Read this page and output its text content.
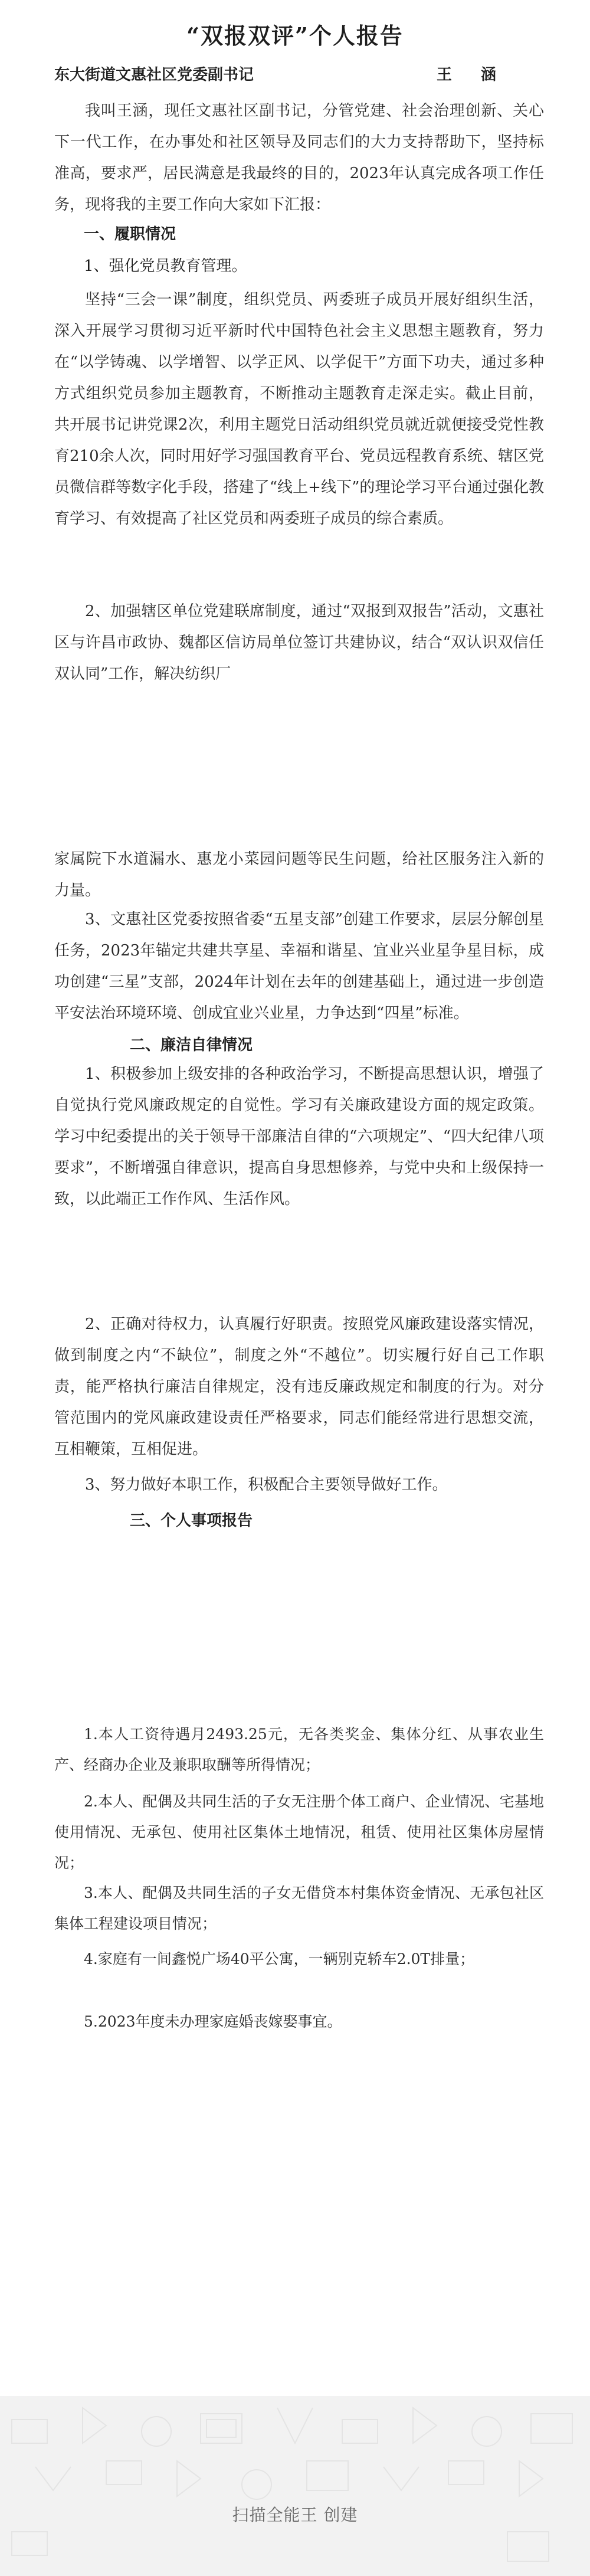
“双报双评”个人报告
东大街道文惠社区党委副书记	王 涵
我叫王涵，现任文惠社区副书记，分管党建、社会治理创新、关心下一代工作，在办事处和社区领导及同志们的大力支持帮助下，坚持标准高，要求严，居民满意是我最终的目的，2023年认真完成各项工作任务，现将我的主要工作向大家如下汇报：
一、履职情况
1、强化党员教育管理。
坚持“三会一课”制度，组织党员、两委班子成员开展好组织生活，深入开展学习贯彻习近平新时代中国特色社会主义思想主题教育，努力在“以学铸魂、以学增智、以学正风、以学促干”方面下功夫，通过多种方式组织党员参加主题教育，不断推动主题教育走深走实。截止目前，共开展书记讲党课2次，利用主题党日活动组织党员就近就便接受党性教育210余人次，同时用好学习强国教育平台、党员远程教育系统、辖区党员微信群等数字化手段，搭建了“线上+线下”的理论学习平台通过强化教育学习、有效提高了社区党员和两委班子成员的综合素质。
2、加强辖区单位党建联席制度，通过“双报到双报告”活动，文惠社区与许昌市政协、魏都区信访局单位签订共建协议，结合“双认识双信任双认同”工作，解决纺织厂
家属院下水道漏水、惠龙小菜园问题等民生问题，给社区服务注入新的力量。
3、文惠社区党委按照省委“五星支部”创建工作要求，层层分解创星任务，2023年锚定共建共享星、幸福和谐星、宜业兴业星争星目标，成功创建“三星”支部，2024年计划在去年的创建基础上，通过进一步创造平安法治环境环境、创成宜业兴业星，力争达到“四星”标准。
二、廉洁自律情况
1、积极参加上级安排的各种政治学习，不断提高思想认识，增强了自觉执行党风廉政规定的自觉性。学习有关廉政建设方面的规定政策。学习中纪委提出的关于领导干部廉洁自律的“六项规定”、“四大纪律八项要求”，不断增强自律意识，提高自身思想修养，与党中央和上级保持一致，以此端正工作作风、生活作风。
2、正确对待权力，认真履行好职责。按照党风廉政建设落实情况，做到制度之内“不缺位”，制度之外“不越位”。切实履行好自己工作职责，能严格执行廉洁自律规定，没有违反廉政规定和制度的行为。对分管范围内的党风廉政建设责任严格要求，同志们能经常进行思想交流，互相鞭策，互相促进。
3、努力做好本职工作，积极配合主要领导做好工作。
三、个人事项报告
1.本人工资待遇月2493.25元，无各类奖金、集体分红、从事农业生产、经商办企业及兼职取酬等所得情况；
2.本人、配偶及共同生活的子女无注册个体工商户、企业情况、宅基地使用情况、无承包、使用社区集体土地情况，租赁、使用社区集体房屋情况；
3.本人、配偶及共同生活的子女无借贷本村集体资金情况、无承包社区集体工程建设项目情况；
4.家庭有一间鑫悦广场40平公寓，一辆别克轿车2.0T排量；
5.2023年度未办理家庭婚丧嫁娶事宜。
扫描全能王 创建
